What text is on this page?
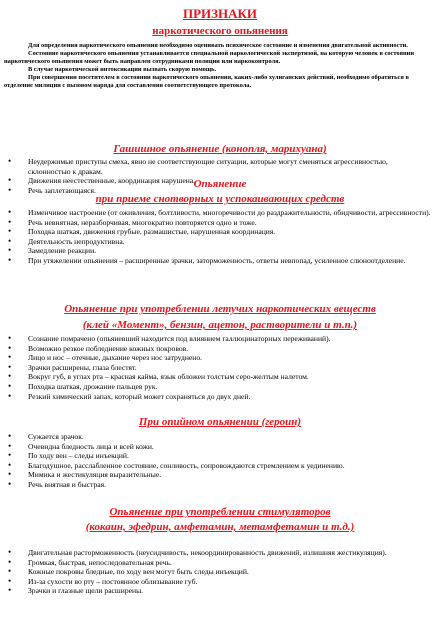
ПРИЗНАКИ
наркотического опьянения

Для определения наркотического опьянения необходимо оценивать психическое состояние и изменения двигательной активности.

Состояние наркотического опьянения устанавливается специальной наркологической экспертизой, на которую человек в состоянии наркотического опьянения может быть направлен сотрудниками полиции или наркоконтроля.

В случае наркотической интоксикации вызвать скорую помощь.

При совершении посетителем в состоянии наркотического опьянения, каких-либо хулиганских действий, необходимо обратиться в отделение милиции с вызовом наряда для составления соответствующего протокола.

Гашишное опьянение (конопля, марихуана)
• Неудержимые приступы смеха, явно не соответствующие ситуации, которые могут сменяться агрессивностью, склонностью к дракам.
• Движения неестественные, координация нарушена.
• Речь заплетающаяся.
Опьянение
при приеме снотворных и успокаивающих средств
• Изменчивое настроение (от оживления, болтливости, многоречивости до раздражительности, обидчивости, агрессивности).
• Речь невнятная, неразборчивая, многократно повторяется одно и тоже.
• Походка шаткая, движения грубые, размашистые, нарушенная координация.
• Деятельность непродуктивна.
• Замедление реакции.
• При утяжелении опьянения – расширенные зрачки, заторможенность, ответы невпопад, усиленное слюноотделение.
Опьянение при употреблении летучих наркотических веществ
(клей «Момент», бензин, ацетон, растворители и т.п.)
• Сознание помрачено (опьяневший находится под влиянием галлюцинаторных переживаний).
• Возможно резкое побледнение кожных покровов.
• Лицо и нос – отечные, дыхание через нос затруднено.
• Зрачки расширены, глаза блестят.
• Вокруг губ, в углах рта – красная кайма, язык обложен толстым серо-желтым налетом.
• Походка шаткая, дрожание пальцев рук.
• Резкий химический запах, который может сохраняться до двух дней.
При опийном опьянении (героин)
• Сужается зрачок.
• Очевидна бледность лица и всей кожи.
• По ходу вен – следы инъекций.
• Благодушное, расслабленное состояние, сонливость, сопровождаются стремлением к уединению.
• Мимика и жестикуляция выразительные.
• Речь внятная и быстрая.
Опьянение при употреблении стимуляторов
(кокаин, эфедрин, амфетамин, метамфетамин и т.д.)
• Двигательная расторможенность (неусидчивость, некоординированность движений, излишняя жестикуляция).
• Громкая, быстрая, непоследовательная речь.
• Кожные покровы бледные, по ходу вен могут быть следы инъекций.
• Из-за сухости во рту – постоянное облизывание губ.
• Зрачки и глазные щели расширены.
